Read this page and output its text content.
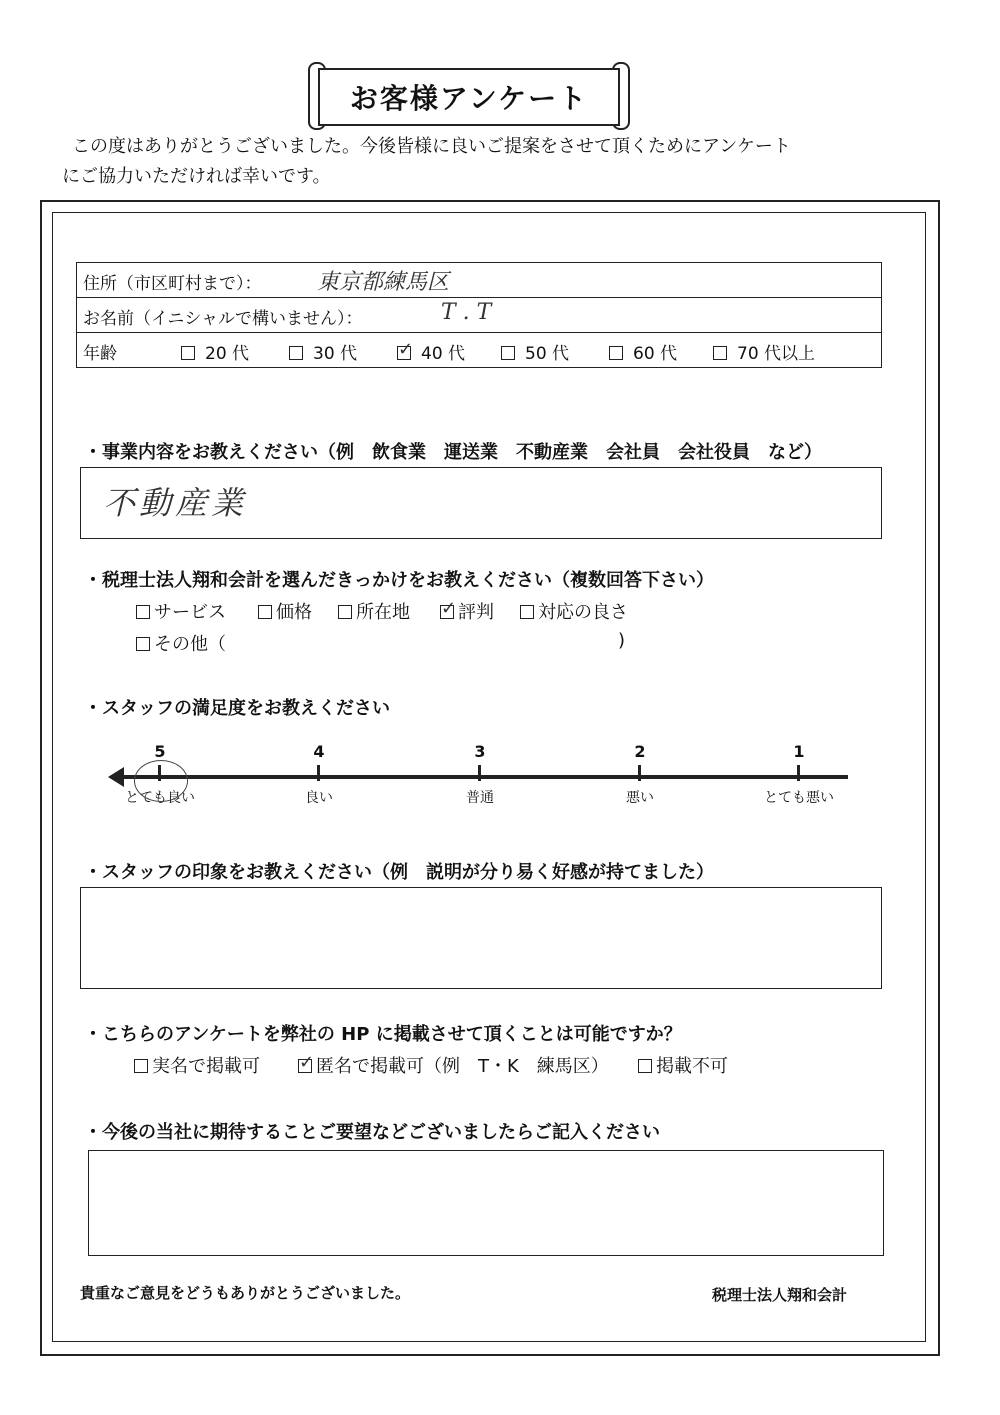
お客様アンケート
この度はありがとうございました。今後皆様に良いご提案をさせて頂くためにアンケート
にご協力いただければ幸いです。
住所（市区町村まで）：	東京都練馬区
お名前（イニシャルで構いません）：	T . T
年齢	20 代	30 代 ✓	40 代	50 代	60 代	70 代以上
・事業内容をお教えください（例　飲食業　運送業　不動産業　会社員　会社役員　など）
不動産業
・税理士法人翔和会計を選んだきっかけをお教えください（複数回答下さい）
サービス	価格	所在地 ✓	評判	対応の良さ
その他（	)
・スタッフの満足度をお教えください
5
とても良い
4
良い
3
普通
2
悪い
1
とても悪い
・スタッフの印象をお教えください（例　説明が分り易く好感が持てました）
・こちらのアンケートを弊社の HP に掲載させて頂くことは可能ですか？
実名で掲載可 ✓	匿名で掲載可（例　T・K　練馬区）	掲載不可
・今後の当社に期待することご要望などございましたらご記入ください
貴重なご意見をどうもありがとうございました。	税理士法人翔和会計
